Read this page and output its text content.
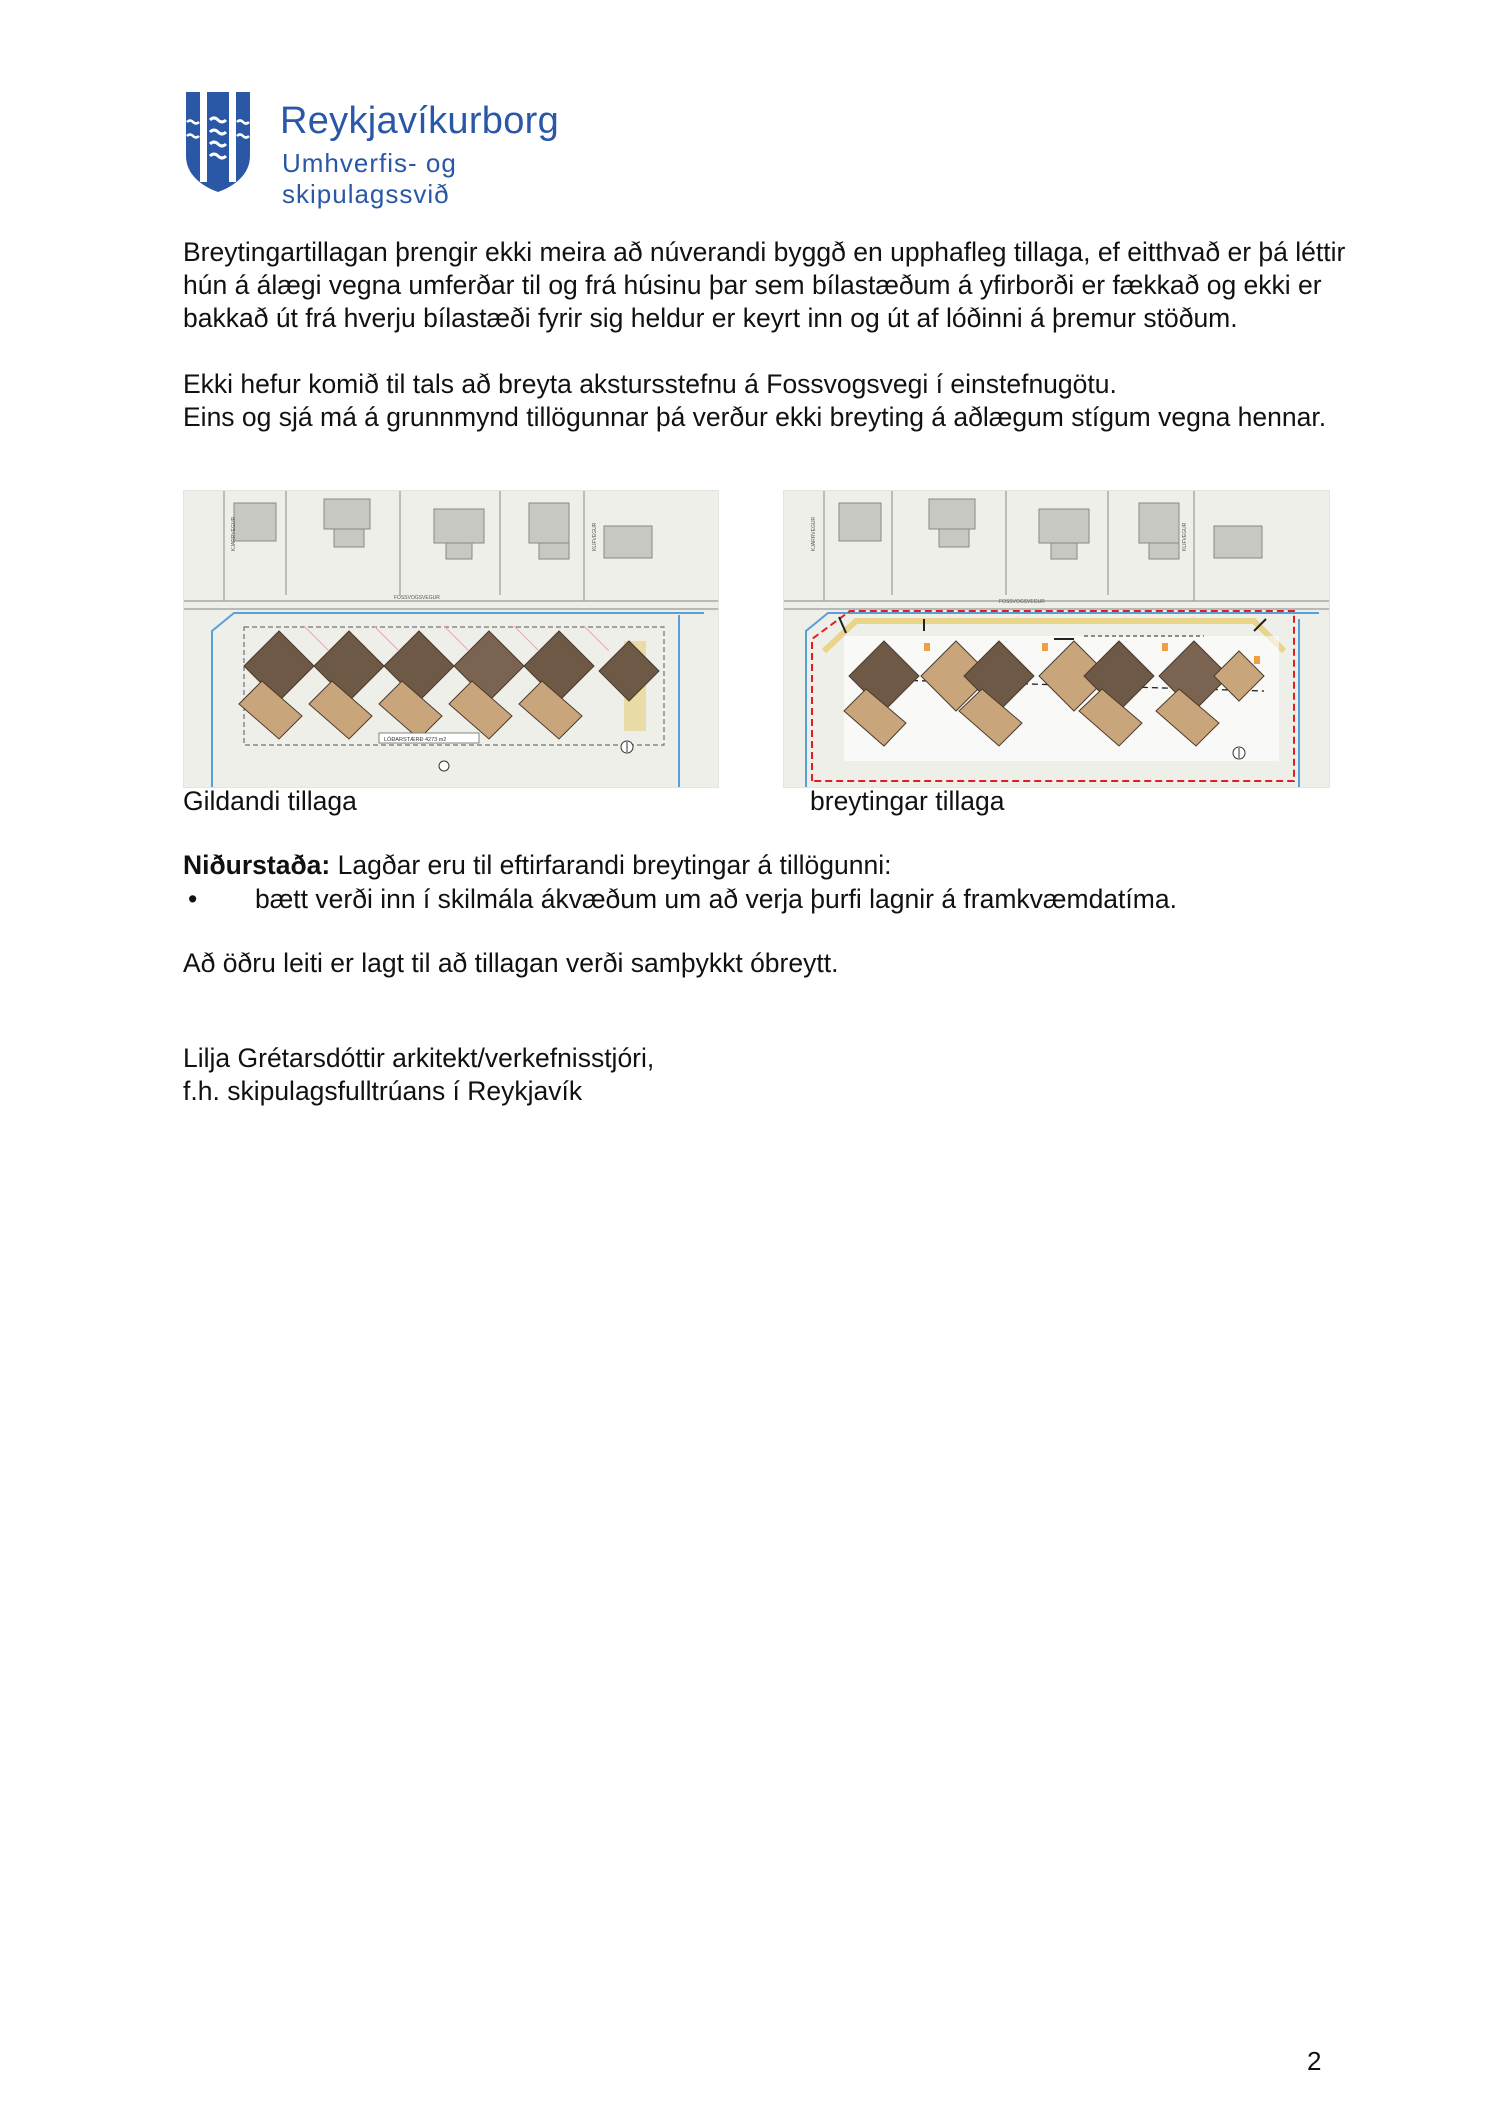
Reykjavíkurborg
Umhverfis- og skipulagssvið
Breytingartillagan þrengir ekki meira að núverandi byggð en upphafleg tillaga, ef eitthvað er þá léttir hún á álægi vegna umferðar til og frá húsinu þar sem bílastæðum á yfirborði er fækkað og ekki er bakkað út frá hverju bílastæði fyrir sig heldur er keyrt inn og út af lóðinni á þremur stöðum.
Ekki hefur komið til tals að breyta akstursstefnu á Fossvogsvegi í einstefnugötu.
Eins og sjá má á grunnmynd tillögunnar þá verður ekki breyting á aðlægum stígum vegna hennar.
KJARRVEGUR	KLIFVEGUR
FOSSVOGSVEGUR
LÓÐARSTÆRÐ 4273 m2
KJARRVEGUR	KLIFVEGUR
FOSSVOGSVEGUR
Gildandi tillaga	breytingar tillaga
Niðurstaða: Lagðar eru til eftirfarandi breytingar á tillögunni:
• bætt verði inn í skilmála ákvæðum um að verja þurfi lagnir á framkvæmdatíma.
Að öðru leiti er lagt til að tillagan verði samþykkt óbreytt.
Lilja Grétarsdóttir arkitekt/verkefnisstjóri,
f.h. skipulagsfulltrúans í Reykjavík
2
